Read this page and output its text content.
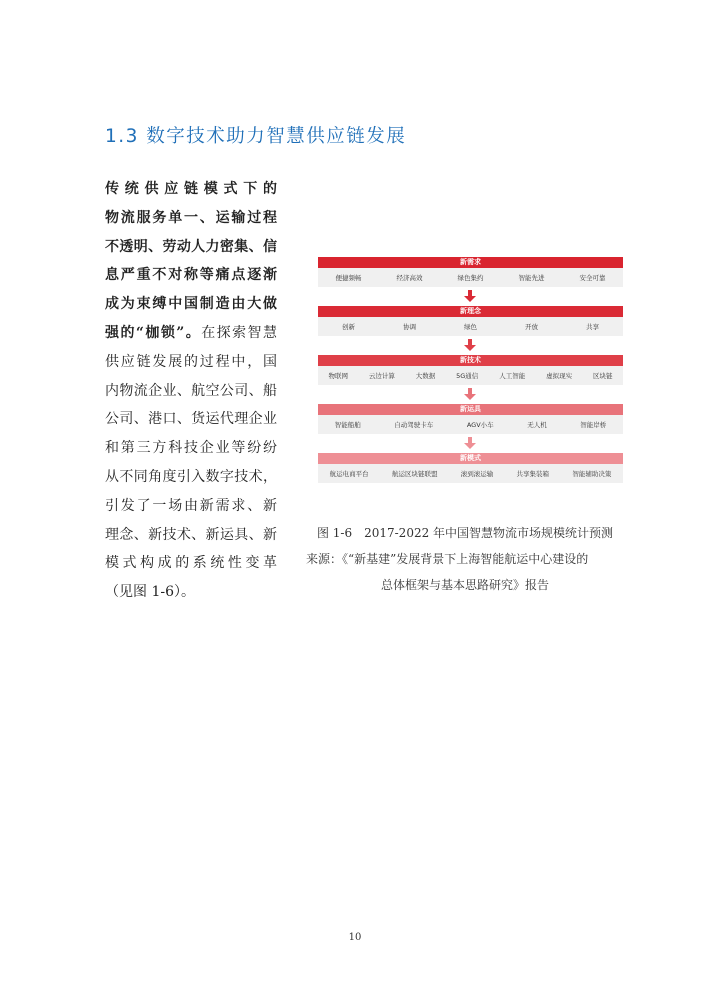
1.3 数字技术助力智慧供应链发展
传统供应链模式下的
物流服务单一、运输过程
不透明、劳动人力密集、信
息严重不对称等痛点逐渐
成为束缚中国制造由大做
强的“枷锁”。在探索智慧
供应链发展的过程中，国
内物流企业、航空公司、船
公司、港口、货运代理企业
和第三方科技企业等纷纷
从不同角度引入数字技术，
引发了一场由新需求、新
理念、新技术、新运具、新
模式构成的系统性变革
（见图 1-6）。
新需求
便捷频畅	经济高效	绿色集约	智能先进	安全可靠
新理念
创新	协调	绿色	开放	共享
新技术
物联网	云边计算	大数据	5G通信	人工智能	虚拟现实	区块链
新运具
智能船舶	自动驾驶卡车	AGV小车	无人机	智能岸桥
新模式
航运电商平台	航运区块链联盟	滚到滚运输	共享集装箱	智能辅助决策
图 1-6　2017-2022 年中国智慧物流市场规模统计预测
来源：《“新基建”发展背景下上海智能航运中心建设的
总体框架与基本思路研究》报告
10
